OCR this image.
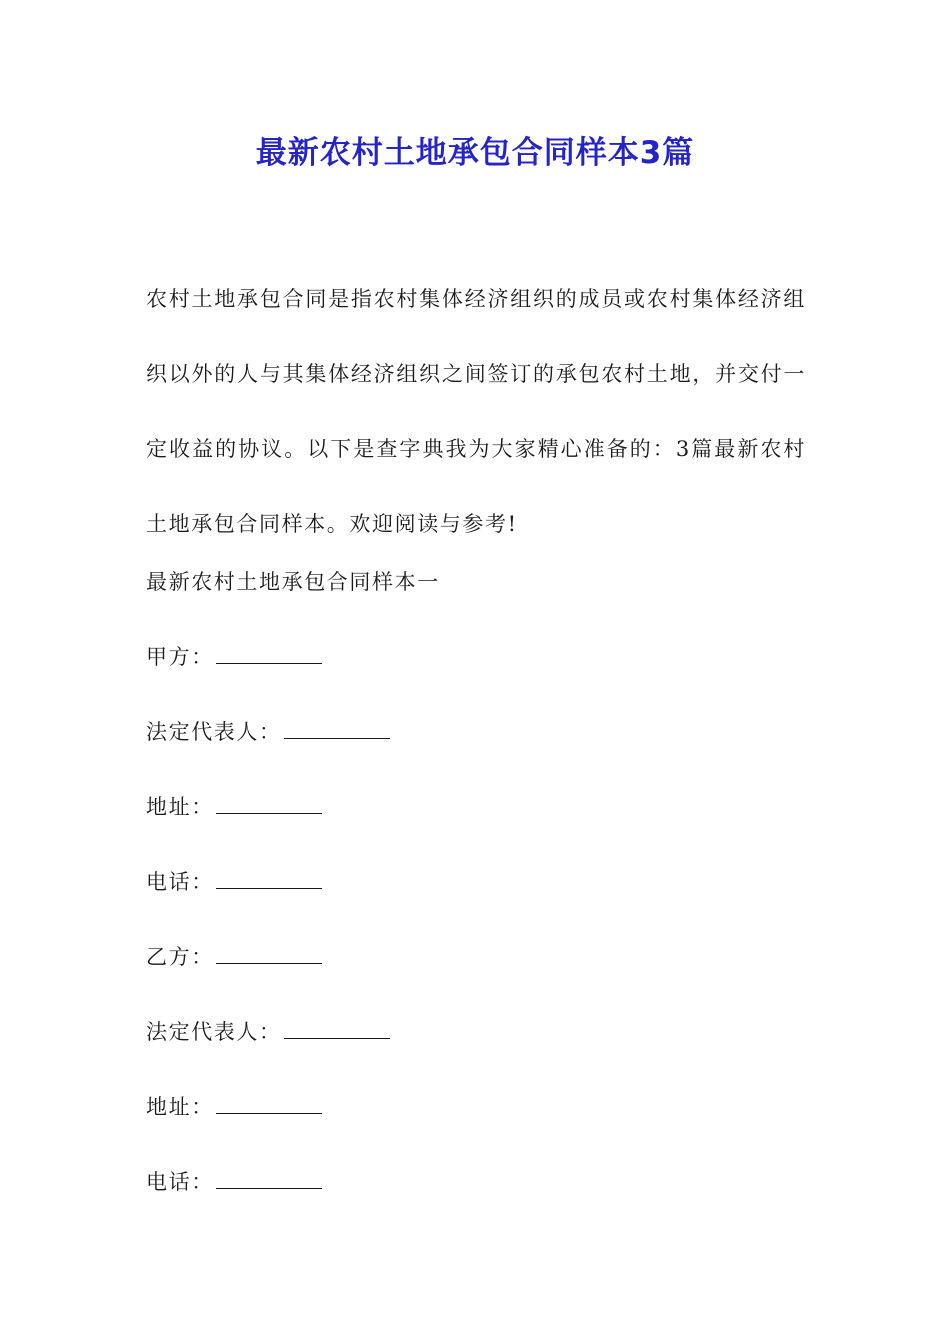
最新农村土地承包合同样本3篇

农村土地承包合同是指农村集体经济组织的成员或农村集体经济组织以外的人与其集体经济组织之间签订的承包农村土地，并交付一定收益的协议。以下是查字典我为大家精心准备的：3篇最新农村土地承包合同样本。欢迎阅读与参考!

最新农村土地承包合同样本一
甲方：
法定代表人：
地址：
电话：
乙方：
法定代表人：
地址：
电话：
